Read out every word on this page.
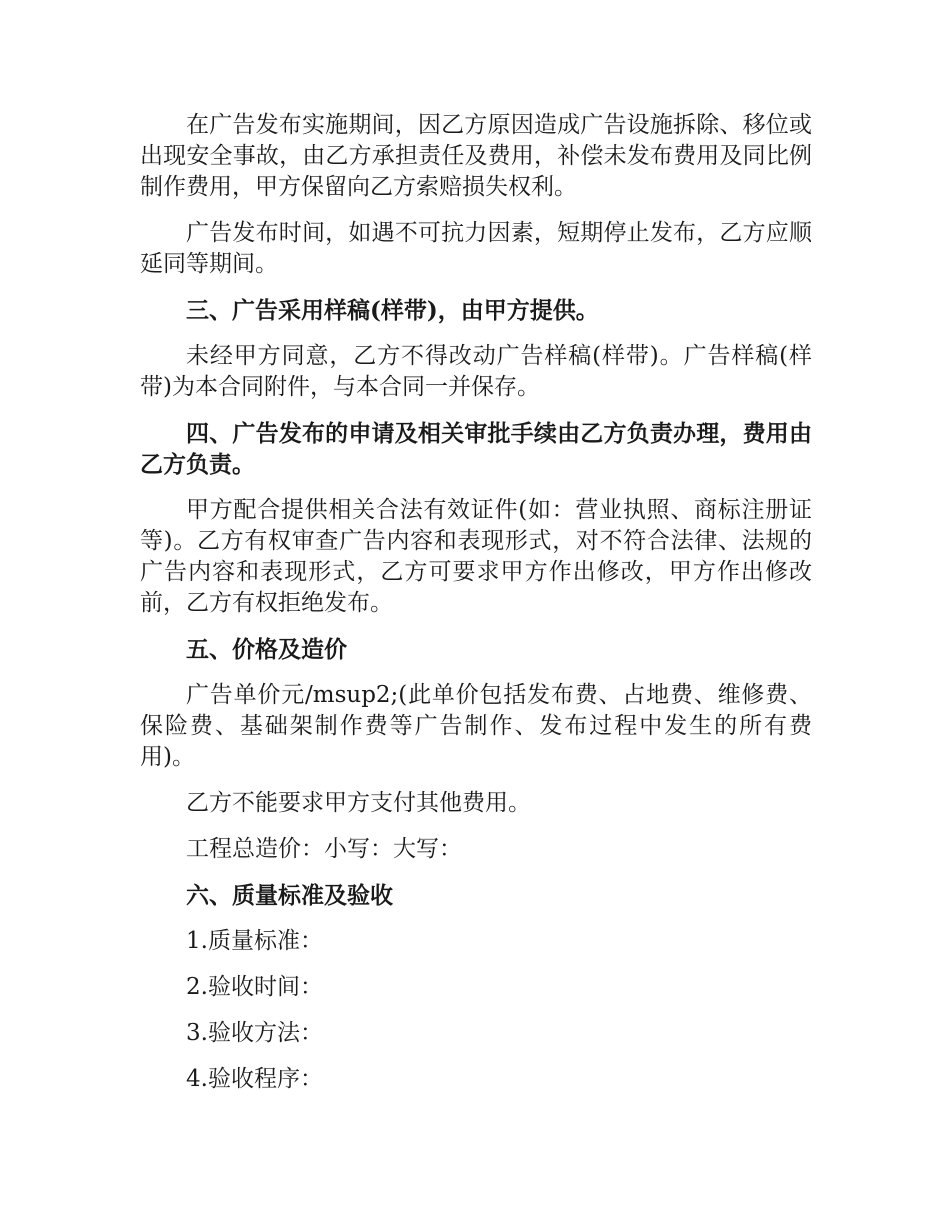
在广告发布实施期间，因乙方原因造成广告设施拆除、移位或出现安全事故，由乙方承担责任及费用，补偿未发布费用及同比例制作费用，甲方保留向乙方索赔损失权利。

广告发布时间，如遇不可抗力因素，短期停止发布，乙方应顺延同等期间。

三、广告采用样稿(样带)，由甲方提供。

未经甲方同意，乙方不得改动广告样稿(样带)。广告样稿(样带)为本合同附件，与本合同一并保存。

四、广告发布的申请及相关审批手续由乙方负责办理，费用由乙方负责。

甲方配合提供相关合法有效证件(如：营业执照、商标注册证等)。乙方有权审查广告内容和表现形式，对不符合法律、法规的广告内容和表现形式，乙方可要求甲方作出修改，甲方作出修改前，乙方有权拒绝发布。

五、价格及造价

广告单价元/msup2;(此单价包括发布费、占地费、维修费、保险费、基础架制作费等广告制作、发布过程中发生的所有费用)。

乙方不能要求甲方支付其他费用。

工程总造价：小写：大写：

六、质量标准及验收

1.质量标准：

2.验收时间：

3.验收方法：

4.验收程序：
